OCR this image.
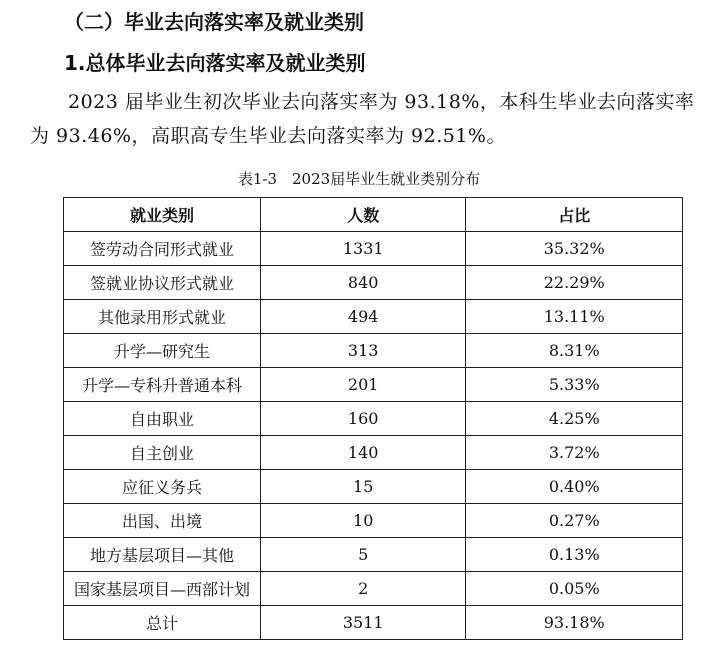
（二）毕业去向落实率及就业类别
1.总体毕业去向落实率及就业类别
2023 届毕业生初次毕业去向落实率为 93.18%，本科生毕业去向落实率
为 93.46%，高职高专生毕业去向落实率为 92.51%。
表1-3　2023届毕业生就业类别分布
就业类别	人数	占比
签劳动合同形式就业	1331	35.32%
签就业协议形式就业	840	22.29%
其他录用形式就业	494	13.11%
升学—研究生	313	8.31%
升学—专科升普通本科	201	5.33%
自由职业	160	4.25%
自主创业	140	3.72%
应征义务兵	15	0.40%
出国、出境	10	0.27%
地方基层项目—其他	5	0.13%
国家基层项目—西部计划	2	0.05%
总计	3511	93.18%
